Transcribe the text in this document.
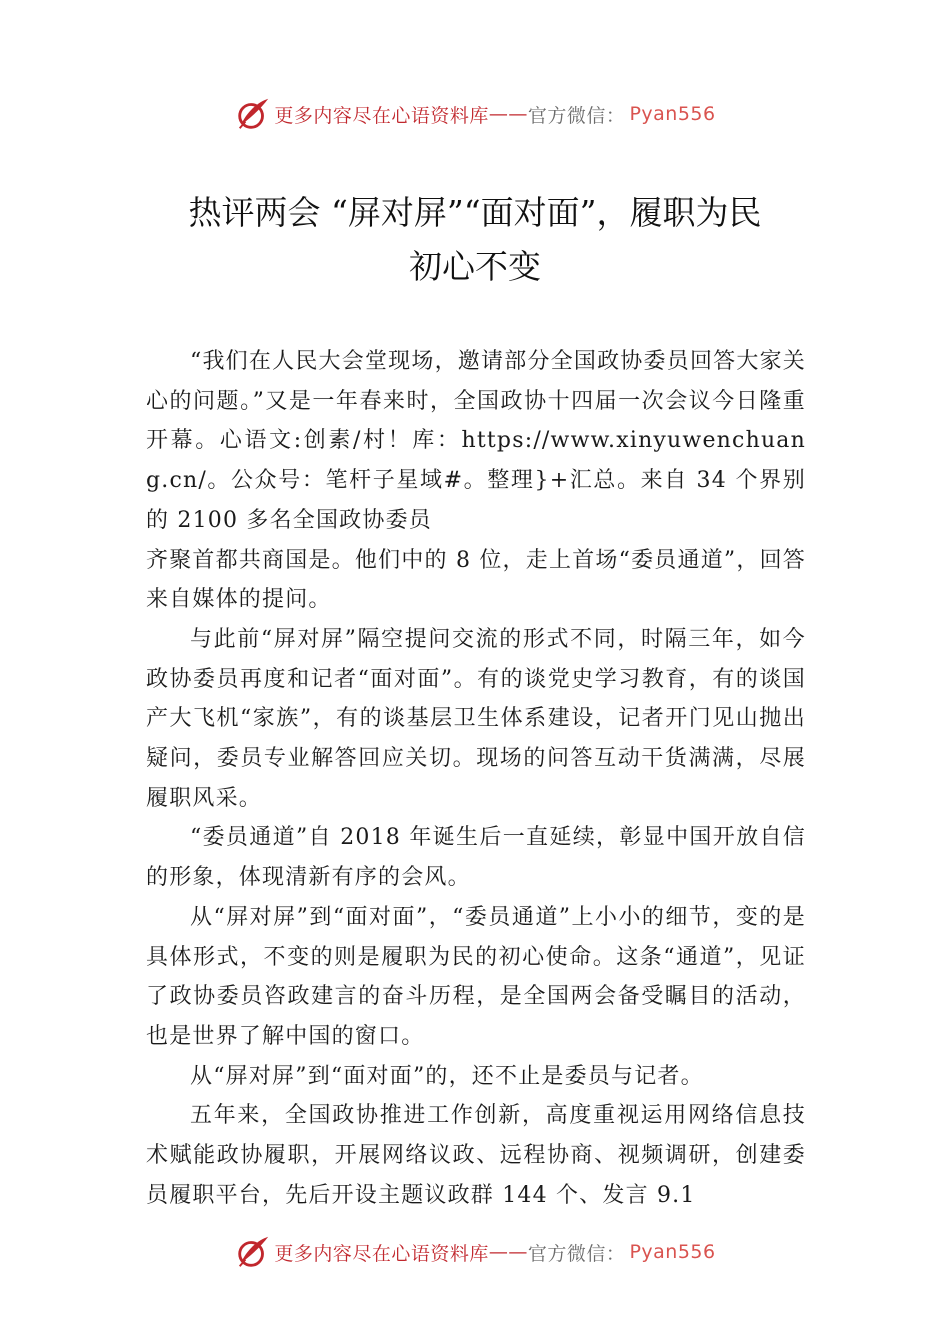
更多内容尽在心语资料库 —— 官方微信： Pyan556
热评两会 “屏对屏”“面对面”，履职为民
初心不变

“我们在人民大会堂现场，邀请部分全国政协委员回答大家关心的问题。”又是一年春来时，全国政协十四届一次会议今日隆重开幕。心语文:创素/村！库：https://www.xinyuwenchuang.cn/。公众号：笔杆子星域#。整理}+汇总。来自 34 个界别的 2100 多名全国政协委员

齐聚首都共商国是。他们中的 8 位，走上首场“委员通道”，回答来自媒体的提问。

与此前“屏对屏”隔空提问交流的形式不同，时隔三年，如今政协委员再度和记者“面对面”。有的谈党史学习教育，有的谈国产大飞机“家族”，有的谈基层卫生体系建设，记者开门见山抛出疑问，委员专业解答回应关切。现场的问答互动干货满满，尽展履职风采。

“委员通道”自 2018 年诞生后一直延续，彰显中国开放自信的形象，体现清新有序的会风。

从“屏对屏”到“面对面”，“委员通道”上小小的细节，变的是具体形式，不变的则是履职为民的初心使命。这条“通道”，见证了政协委员咨政建言的奋斗历程，是全国两会备受瞩目的活动，也是世界了解中国的窗口。

从“屏对屏”到“面对面”的，还不止是委员与记者。

五年来，全国政协推进工作创新，高度重视运用网络信息技术赋能政协履职，开展网络议政、远程协商、视频调研，创建委员履职平台，先后开设主题议政群 144 个、发言 9.1

更多内容尽在心语资料库 —— 官方微信： Pyan556
